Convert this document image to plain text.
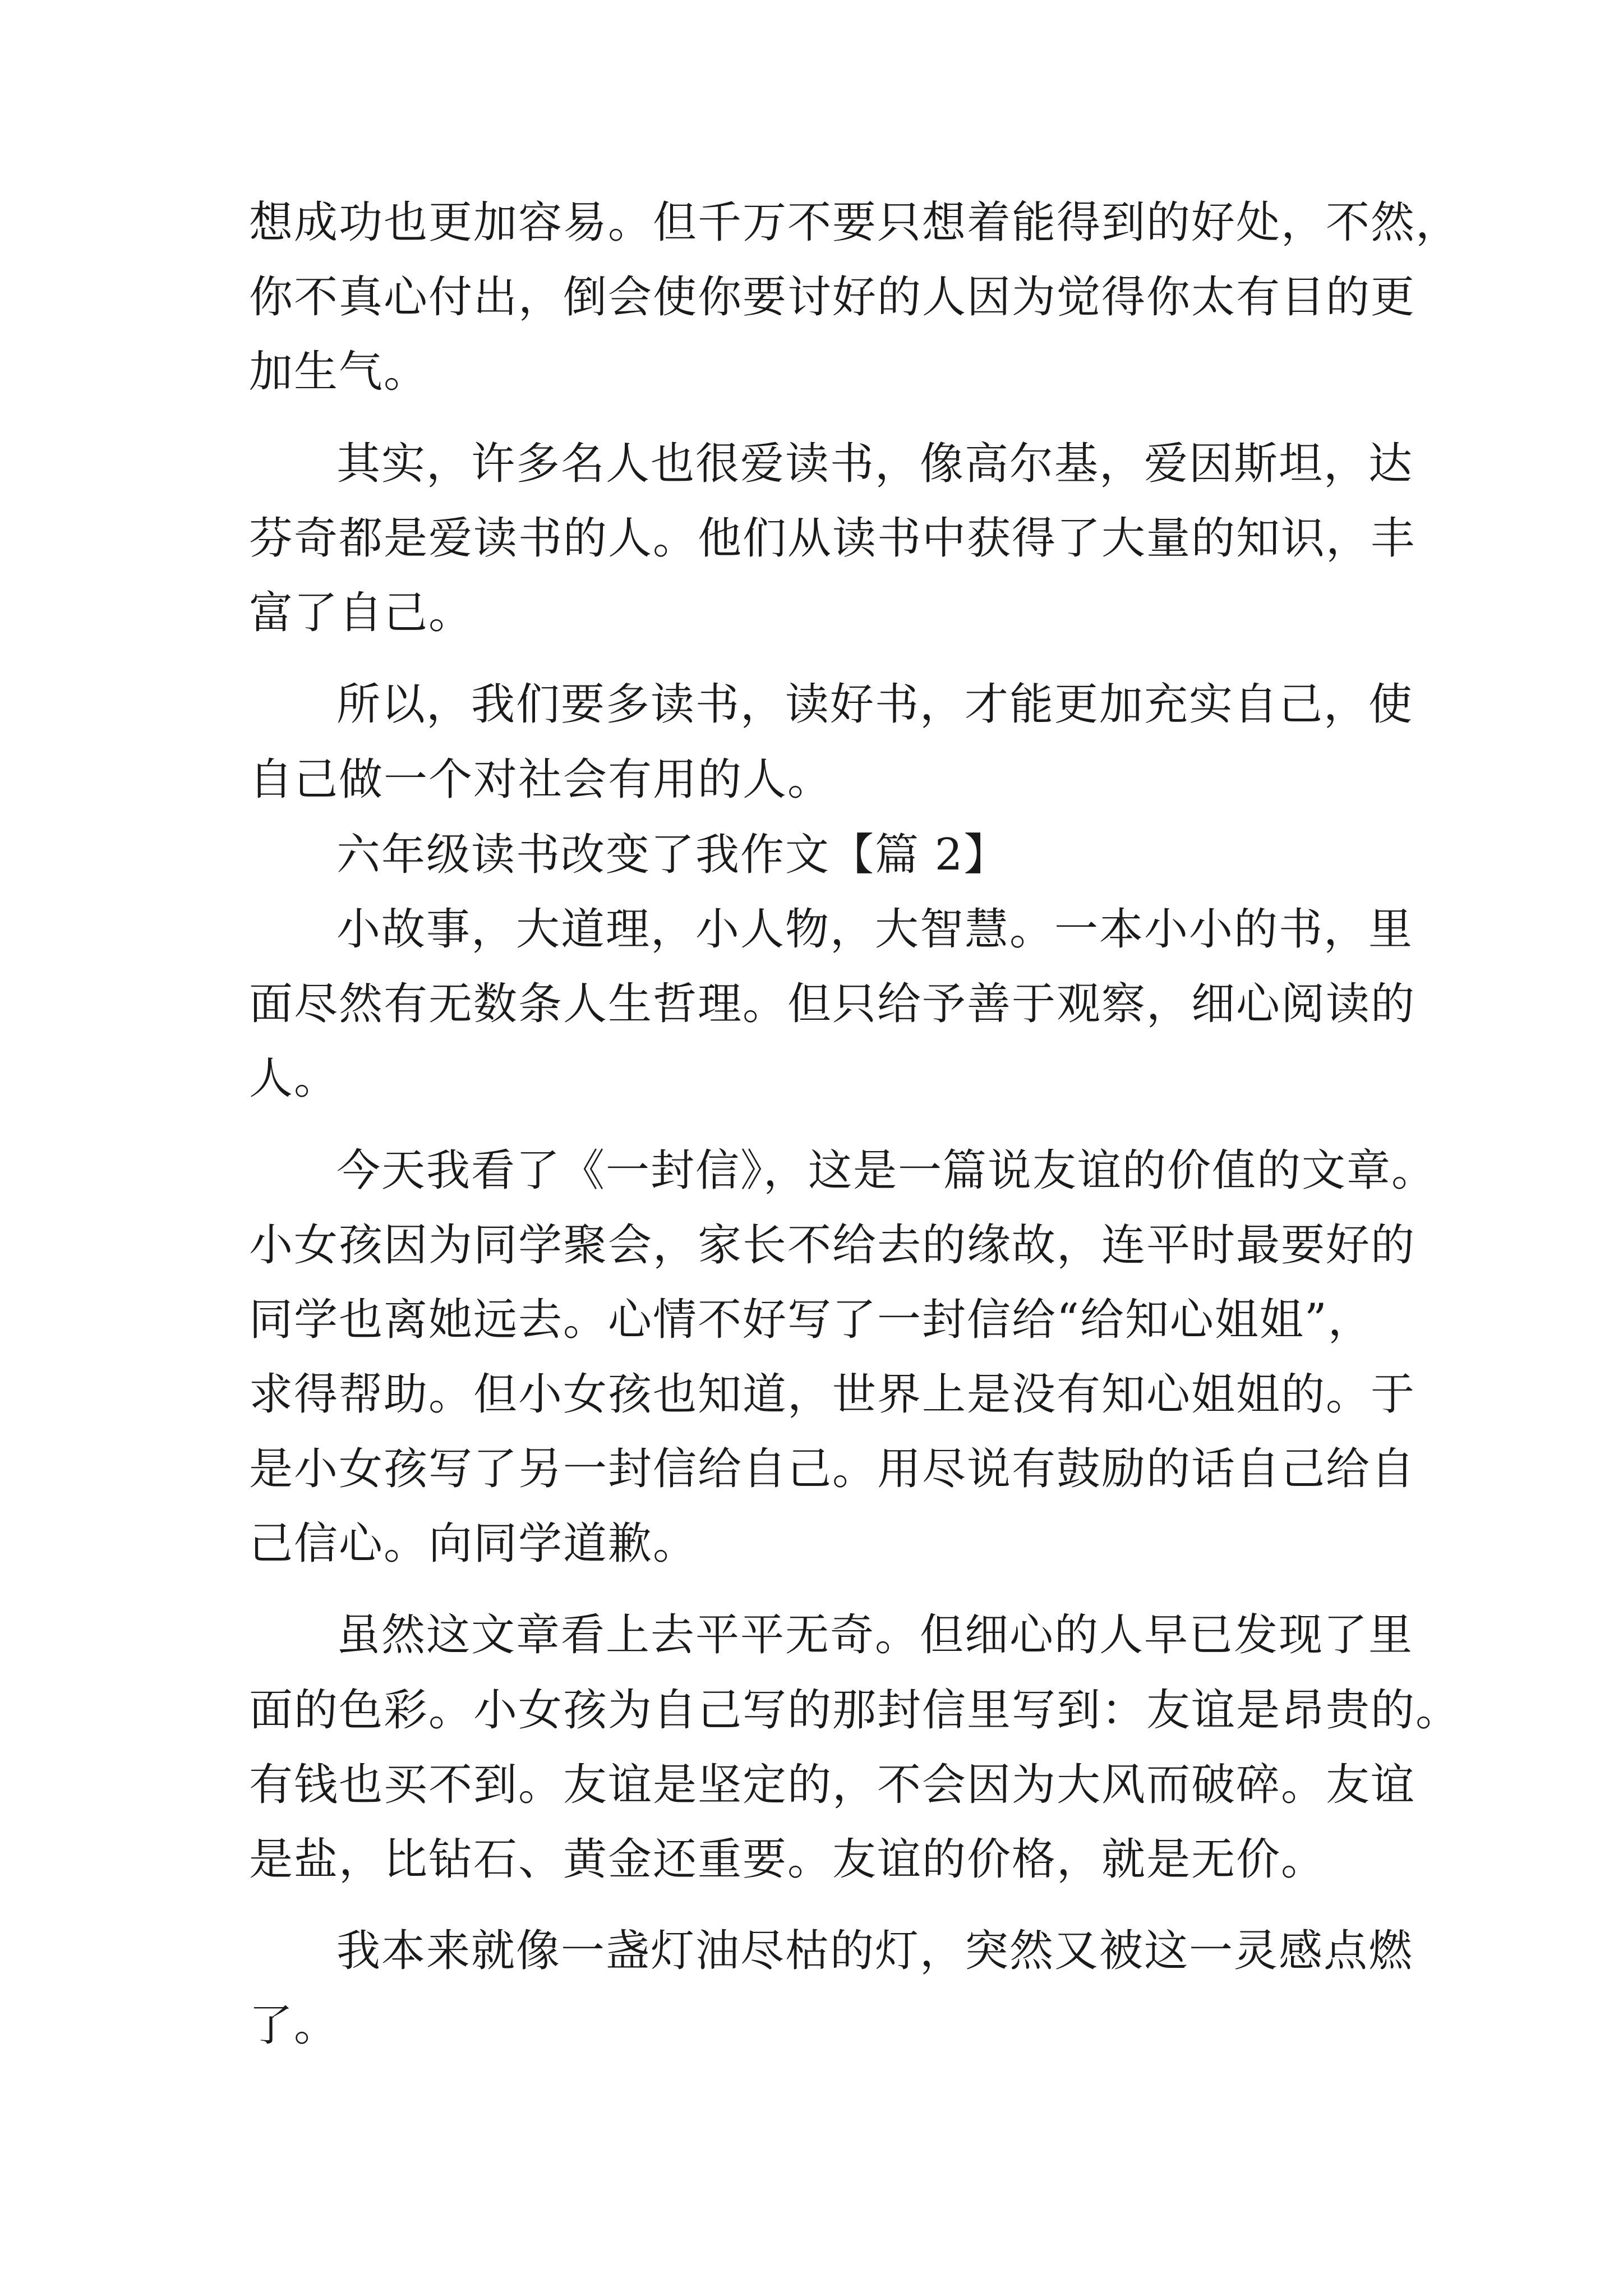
想成功也更加容易。但千万不要只想着能得到的好处，不然，
你不真心付出，倒会使你要讨好的人因为觉得你太有目的更
加生气。
其实，许多名人也很爱读书，像高尔基，爱因斯坦，达
芬奇都是爱读书的人。他们从读书中获得了大量的知识，丰
富了自己。
所以，我们要多读书，读好书，才能更加充实自己，使
自己做一个对社会有用的人。
六年级读书改变了我作文【篇 2】
小故事，大道理，小人物，大智慧。一本小小的书，里
面尽然有无数条人生哲理。但只给予善于观察，细心阅读的
人。
今天我看了《一封信》，这是一篇说友谊的价值的文章。
小女孩因为同学聚会，家长不给去的缘故，连平时最要好的
同学也离她远去。心情不好写了一封信给“给知心姐姐”，
求得帮助。但小女孩也知道，世界上是没有知心姐姐的。于
是小女孩写了另一封信给自己。用尽说有鼓励的话自己给自
己信心。向同学道歉。
虽然这文章看上去平平无奇。但细心的人早已发现了里
面的色彩。小女孩为自己写的那封信里写到：友谊是昂贵的。
有钱也买不到。友谊是坚定的，不会因为大风而破碎。友谊
是盐，比钻石、黄金还重要。友谊的价格，就是无价。
我本来就像一盏灯油尽枯的灯，突然又被这一灵感点燃
了。
